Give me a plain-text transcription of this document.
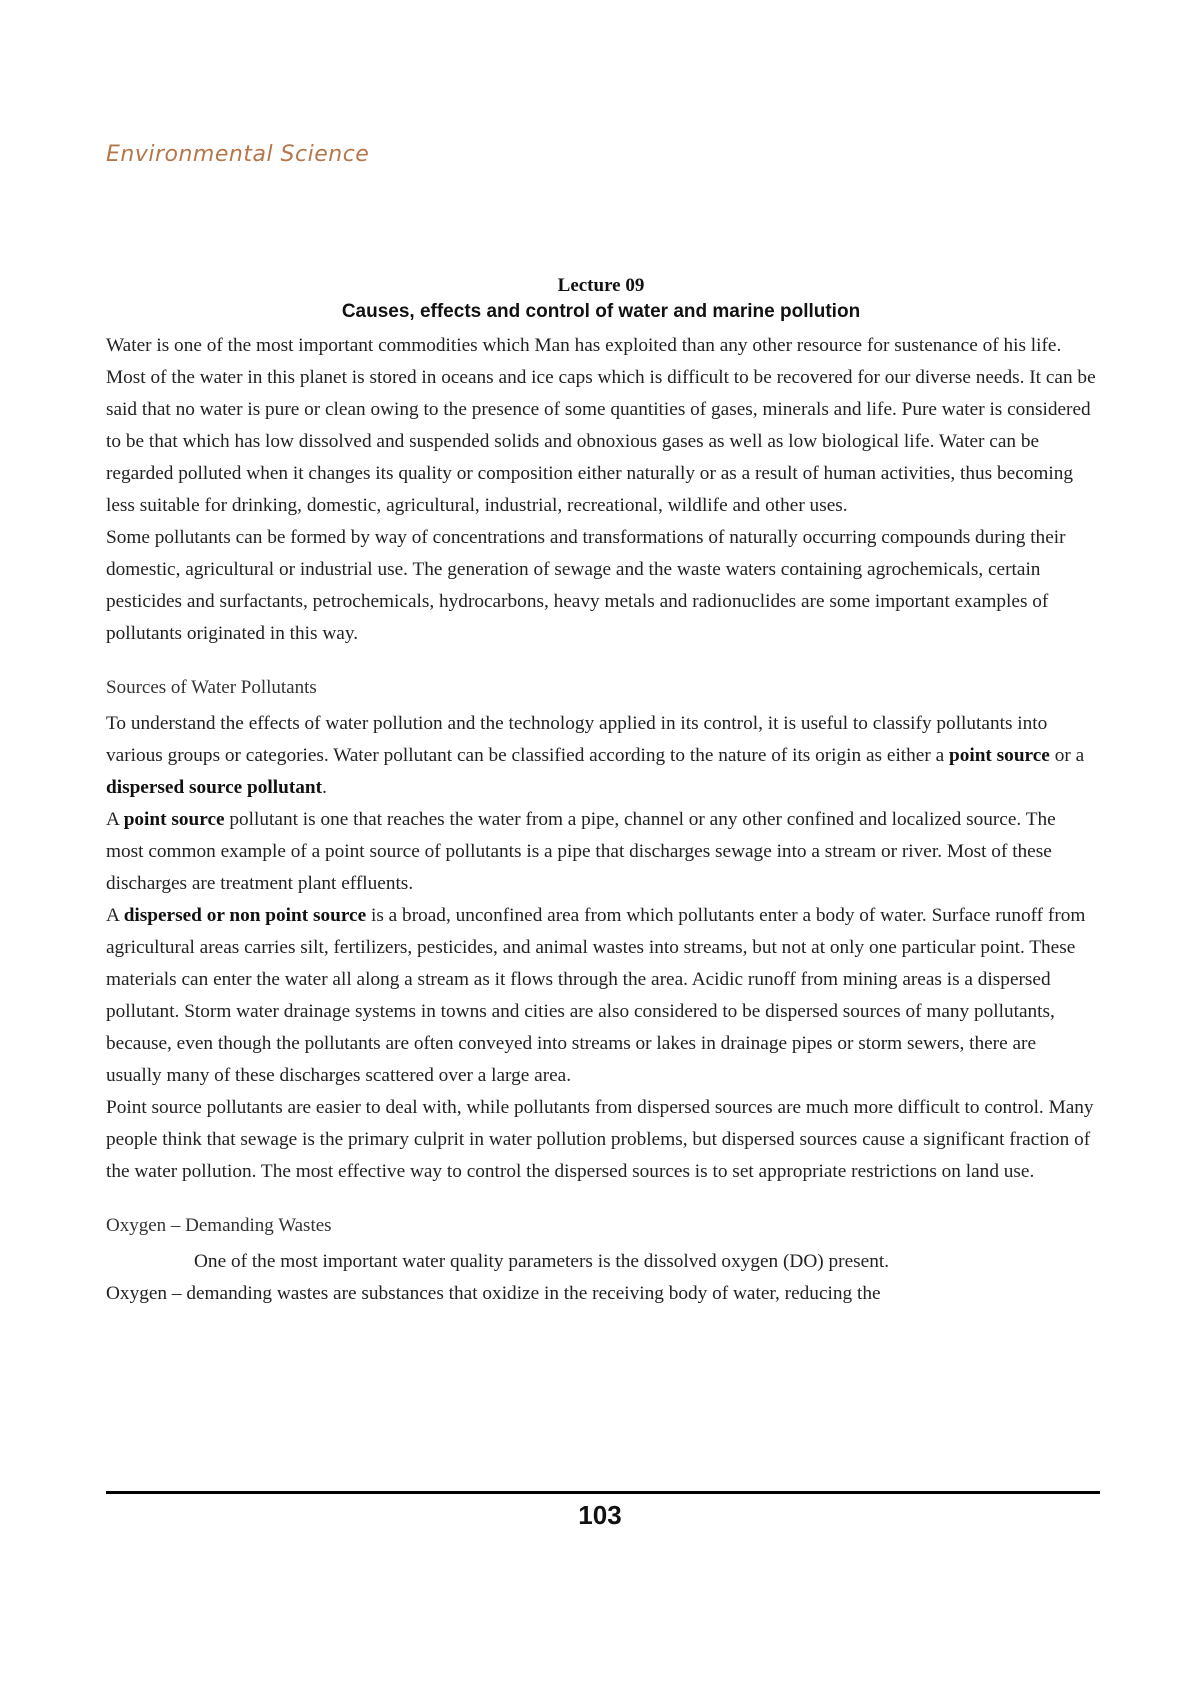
Environmental Science
Lecture 09
Causes, effects and control of water and marine pollution

Water is one of the most important commodities which Man has exploited than any other resource for sustenance of his life. Most of the water in this planet is stored in oceans and ice caps which is difficult to be recovered for our diverse needs. It can be said that no water is pure or clean owing to the presence of some quantities of gases, minerals and life. Pure water is considered to be that which has low dissolved and suspended solids and obnoxious gases as well as low biological life. Water can be regarded polluted when it changes its quality or composition either naturally or as a result of human activities, thus becoming less suitable for drinking, domestic, agricultural, industrial, recreational, wildlife and other uses.

Some pollutants can be formed by way of concentrations and transformations of naturally occurring compounds during their domestic, agricultural or industrial use. The generation of sewage and the waste waters containing agrochemicals, certain pesticides and surfactants, petrochemicals, hydrocarbons, heavy metals and radionuclides are some important examples of pollutants originated in this way.

Sources of Water Pollutants

To understand the effects of water pollution and the technology applied in its control, it is useful to classify pollutants into various groups or categories. Water pollutant can be classified according to the nature of its origin as either a point source or a dispersed source pollutant.

A point source pollutant is one that reaches the water from a pipe, channel or any other confined and localized source. The most common example of a point source of pollutants is a pipe that discharges sewage into a stream or river. Most of these discharges are treatment plant effluents.

A dispersed or non point source is a broad, unconfined area from which pollutants enter a body of water. Surface runoff from agricultural areas carries silt, fertilizers, pesticides, and animal wastes into streams, but not at only one particular point. These materials can enter the water all along a stream as it flows through the area. Acidic runoff from mining areas is a dispersed pollutant. Storm water drainage systems in towns and cities are also considered to be dispersed sources of many pollutants, because, even though the pollutants are often conveyed into streams or lakes in drainage pipes or storm sewers, there are usually many of these discharges scattered over a large area.

Point source pollutants are easier to deal with, while pollutants from dispersed sources are much more difficult to control. Many people think that sewage is the primary culprit in water pollution problems, but dispersed sources cause a significant fraction of the water pollution. The most effective way to control the dispersed sources is to set appropriate restrictions on land use.

Oxygen – Demanding Wastes

One of the most important water quality parameters is the dissolved oxygen (DO) present.

Oxygen – demanding wastes are substances that oxidize in the receiving body of water, reducing the

103
